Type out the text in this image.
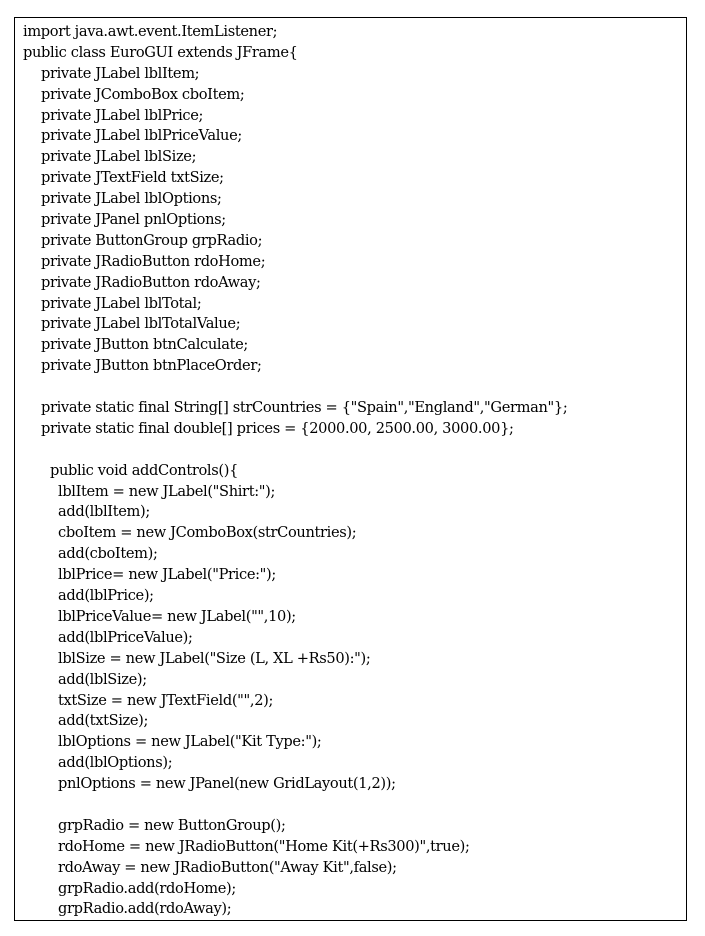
import java.awt.event.ItemListener;
public class EuroGUI extends JFrame{
private JLabel lblItem;
private JComboBox cboItem;
private JLabel lblPrice;
private JLabel lblPriceValue;
private JLabel lblSize;
private JTextField txtSize;
private JLabel lblOptions;
private JPanel pnlOptions;
private ButtonGroup grpRadio;
private JRadioButton rdoHome;
private JRadioButton rdoAway;
private JLabel lblTotal;
private JLabel lblTotalValue;
private JButton btnCalculate;
private JButton btnPlaceOrder;
private static final String[] strCountries = {"Spain","England","German"};
private static final double[] prices = {2000.00, 2500.00, 3000.00};
public void addControls(){
lblItem = new JLabel("Shirt:");
add(lblItem);
cboItem = new JComboBox(strCountries);
add(cboItem);
lblPrice= new JLabel("Price:");
add(lblPrice);
lblPriceValue= new JLabel("",10);
add(lblPriceValue);
lblSize = new JLabel("Size (L, XL +Rs50):");
add(lblSize);
txtSize = new JTextField("",2);
add(txtSize);
lblOptions = new JLabel("Kit Type:");
add(lblOptions);
pnlOptions = new JPanel(new GridLayout(1,2));
grpRadio = new ButtonGroup();
rdoHome = new JRadioButton("Home Kit(+Rs300)",true);
rdoAway = new JRadioButton("Away Kit",false);
grpRadio.add(rdoHome);
grpRadio.add(rdoAway);
